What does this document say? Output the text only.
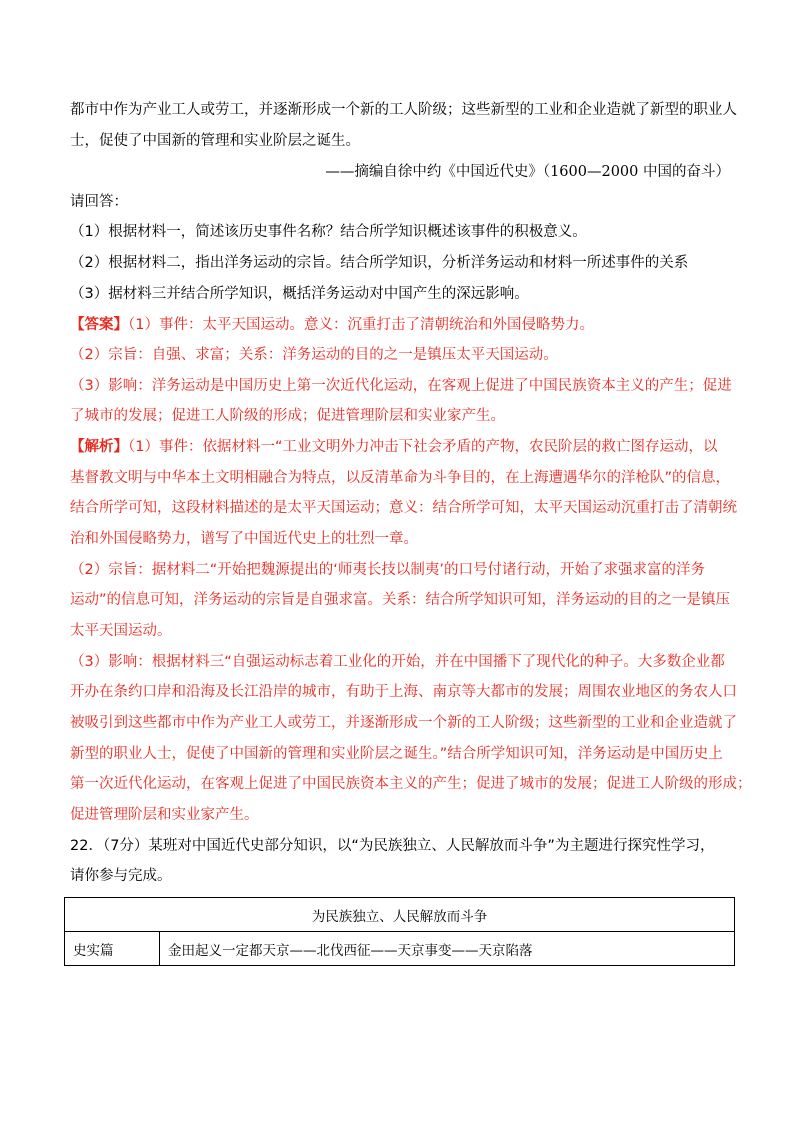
都市中作为产业工人或劳工，并逐渐形成一个新的工人阶级；这些新型的工业和企业造就了新型的职业人
士，促使了中国新的管理和实业阶层之诞生。
——摘编自徐中约《中国近代史》（1600—2000 中国的奋斗）
请回答：
（1）根据材料一，简述该历史事件名称？结合所学知识概述该事件的积极意义。
（2）根据材料二，指出洋务运动的宗旨。结合所学知识，分析洋务运动和材料一所述事件的关系
（3）据材料三并结合所学知识，概括洋务运动对中国产生的深远影响。
【答案】（1）事件：太平天国运动。意义：沉重打击了清朝统治和外国侵略势力。
（2）宗旨：自强、求富；关系：洋务运动的目的之一是镇压太平天国运动。
（3）影响：洋务运动是中国历史上第一次近代化运动，在客观上促进了中国民族资本主义的产生；促进
了城市的发展；促进工人阶级的形成；促进管理阶层和实业家产生。
【解析】（1）事件：依据材料一“工业文明外力冲击下社会矛盾的产物，农民阶层的救亡图存运动，以
基督教文明与中华本土文明相融合为特点，以反清革命为斗争目的，在上海遭遇华尔的洋枪队”的信息，
结合所学可知，这段材料描述的是太平天国运动；意义：结合所学可知，太平天国运动沉重打击了清朝统
治和外国侵略势力，谱写了中国近代史上的壮烈一章。
（2）宗旨：据材料二“开始把魏源提出的‘师夷长技以制夷’的口号付诸行动，开始了求强求富的洋务
运动”的信息可知，洋务运动的宗旨是自强求富。关系：结合所学知识可知，洋务运动的目的之一是镇压
太平天国运动。
（3）影响：根据材料三“自强运动标志着工业化的开始，并在中国播下了现代化的种子。大多数企业都
开办在条约口岸和沿海及长江沿岸的城市，有助于上海、南京等大都市的发展；周围农业地区的务农人口
被吸引到这些都市中作为产业工人或劳工，并逐渐形成一个新的工人阶级；这些新型的工业和企业造就了
新型的职业人士，促使了中国新的管理和实业阶层之诞生。”结合所学知识可知，洋务运动是中国历史上
第一次近代化运动，在客观上促进了中国民族资本主义的产生；促进了城市的发展；促进工人阶级的形成；
促进管理阶层和实业家产生。
22．（7分）某班对中国近代史部分知识，以“为民族独立、人民解放而斗争”为主题进行探究性学习，
请你参与完成。
为民族独立、人民解放而斗争
史实篇	金田起义一定都天京——北伐西征——天京事变——天京陷落
